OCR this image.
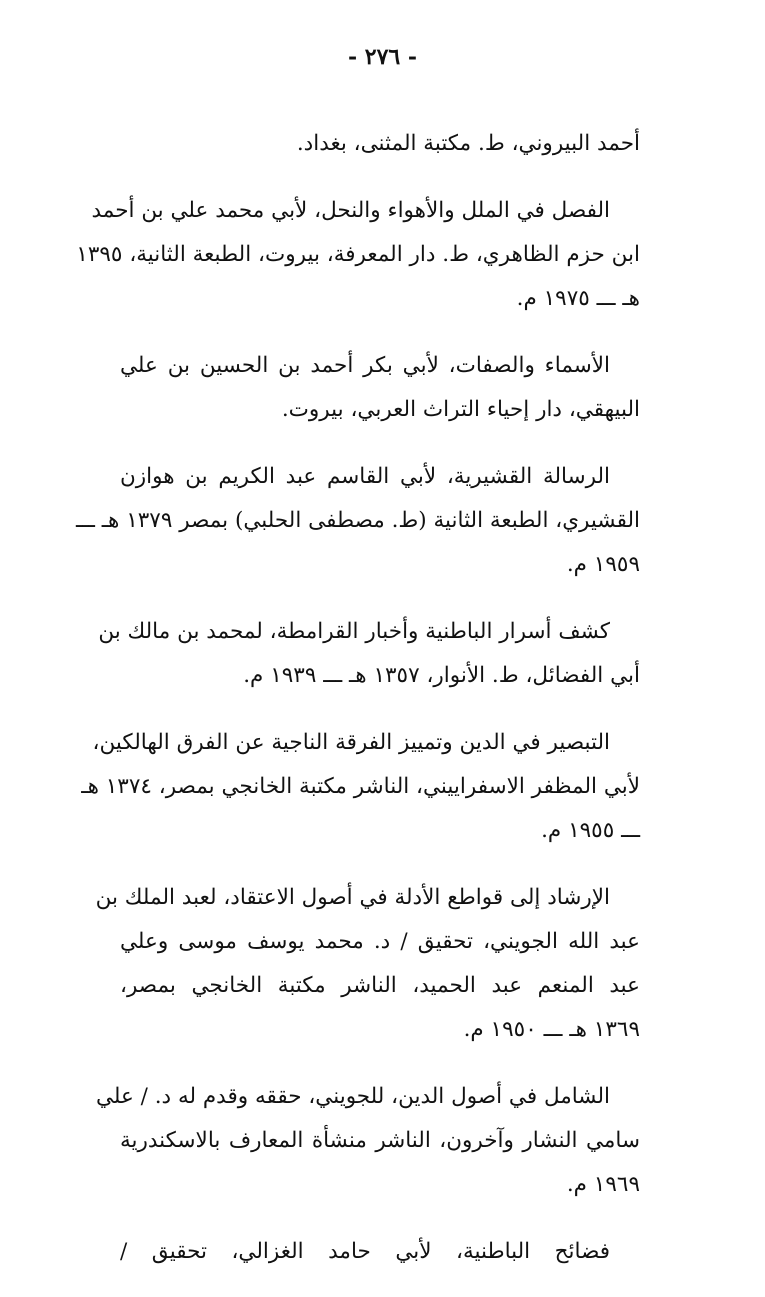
- ٢٧٦ -
أحمد البيروني، ط. مكتبة المثنى، بغداد.
الفصل في الملل والأهواء والنحل، لأبي محمد علي بن أحمد
ابن حزم الظاهري، ط. دار المعرفة، بيروت، الطبعة الثانية، ١٣٩٥
هـ ـــ ١٩٧٥ م.
الأسماء والصفات، لأبي بكر أحمد بن الحسين بن علي
البيهقي، دار إحياء التراث العربي، بيروت.
الرسالة القشيرية، لأبي القاسم عبد الكريم بن هوازن
القشيري، الطبعة الثانية (ط. مصطفى الحلبي) بمصر ١٣٧٩ هـ ـــ
١٩٥٩ م.
كشف أسرار الباطنية وأخبار القرامطة، لمحمد بن مالك بن
أبي الفضائل، ط. الأنوار، ١٣٥٧ هـ ـــ ١٩٣٩ م.
التبصير في الدين وتمييز الفرقة الناجية عن الفرق الهالكين،
لأبي المظفر الاسفراييني، الناشر مكتبة الخانجي بمصر، ١٣٧٤ هـ
ـــ ١٩٥٥ م.
الإرشاد إلى قواطع الأدلة في أصول الاعتقاد، لعبد الملك بن
عبد الله الجويني، تحقيق / د. محمد يوسف موسى وعلي
عبد المنعم عبد الحميد، الناشر مكتبة الخانجي بمصر،
١٣٦٩ هـ ـــ ١٩٥٠ م.
الشامل في أصول الدين، للجويني، حققه وقدم له د. / علي
سامي النشار وآخرون، الناشر منشأة المعارف بالاسكندرية
١٩٦٩ م.
فضائح الباطنية، لأبي حامد الغزالي، تحقيق /
